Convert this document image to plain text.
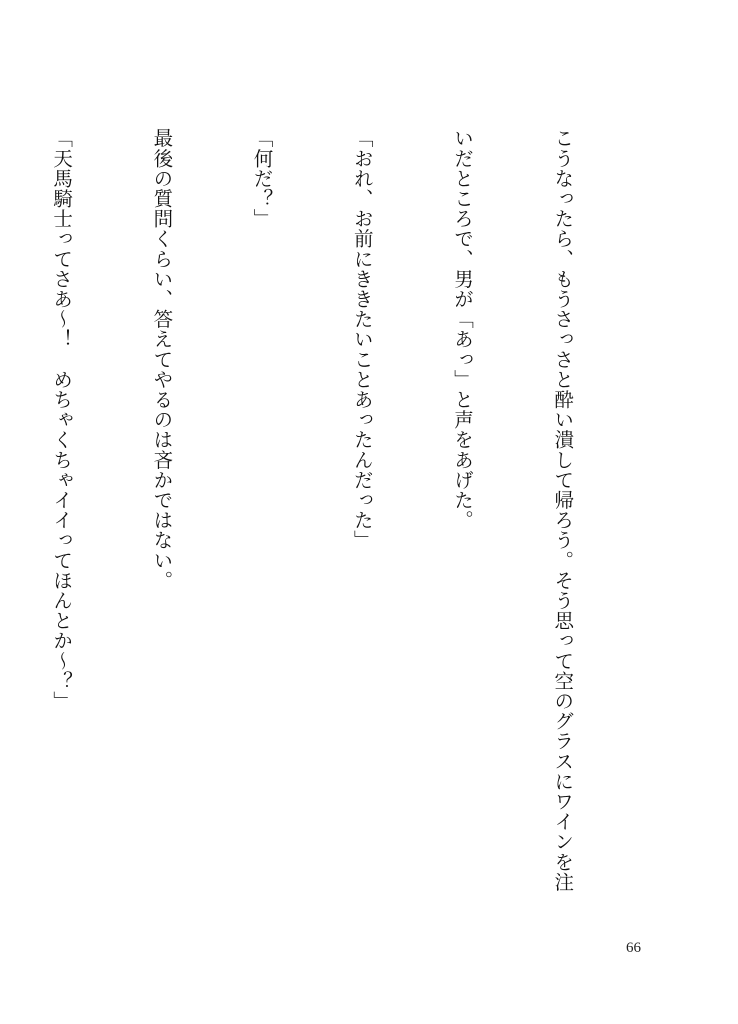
こうなったら、もうさっさと酔い潰して帰ろう。そう思って空のグラスにワインを注

いだところで、男が「あっ」と声をあげた。

「おれ、お前にききたいことあったんだった」

「何だ？」

最後の質問くらい、答えてやるのは吝かではない。

「天馬騎士ってさあ〜！　めちゃくちゃイイってほんとか〜？」

66
